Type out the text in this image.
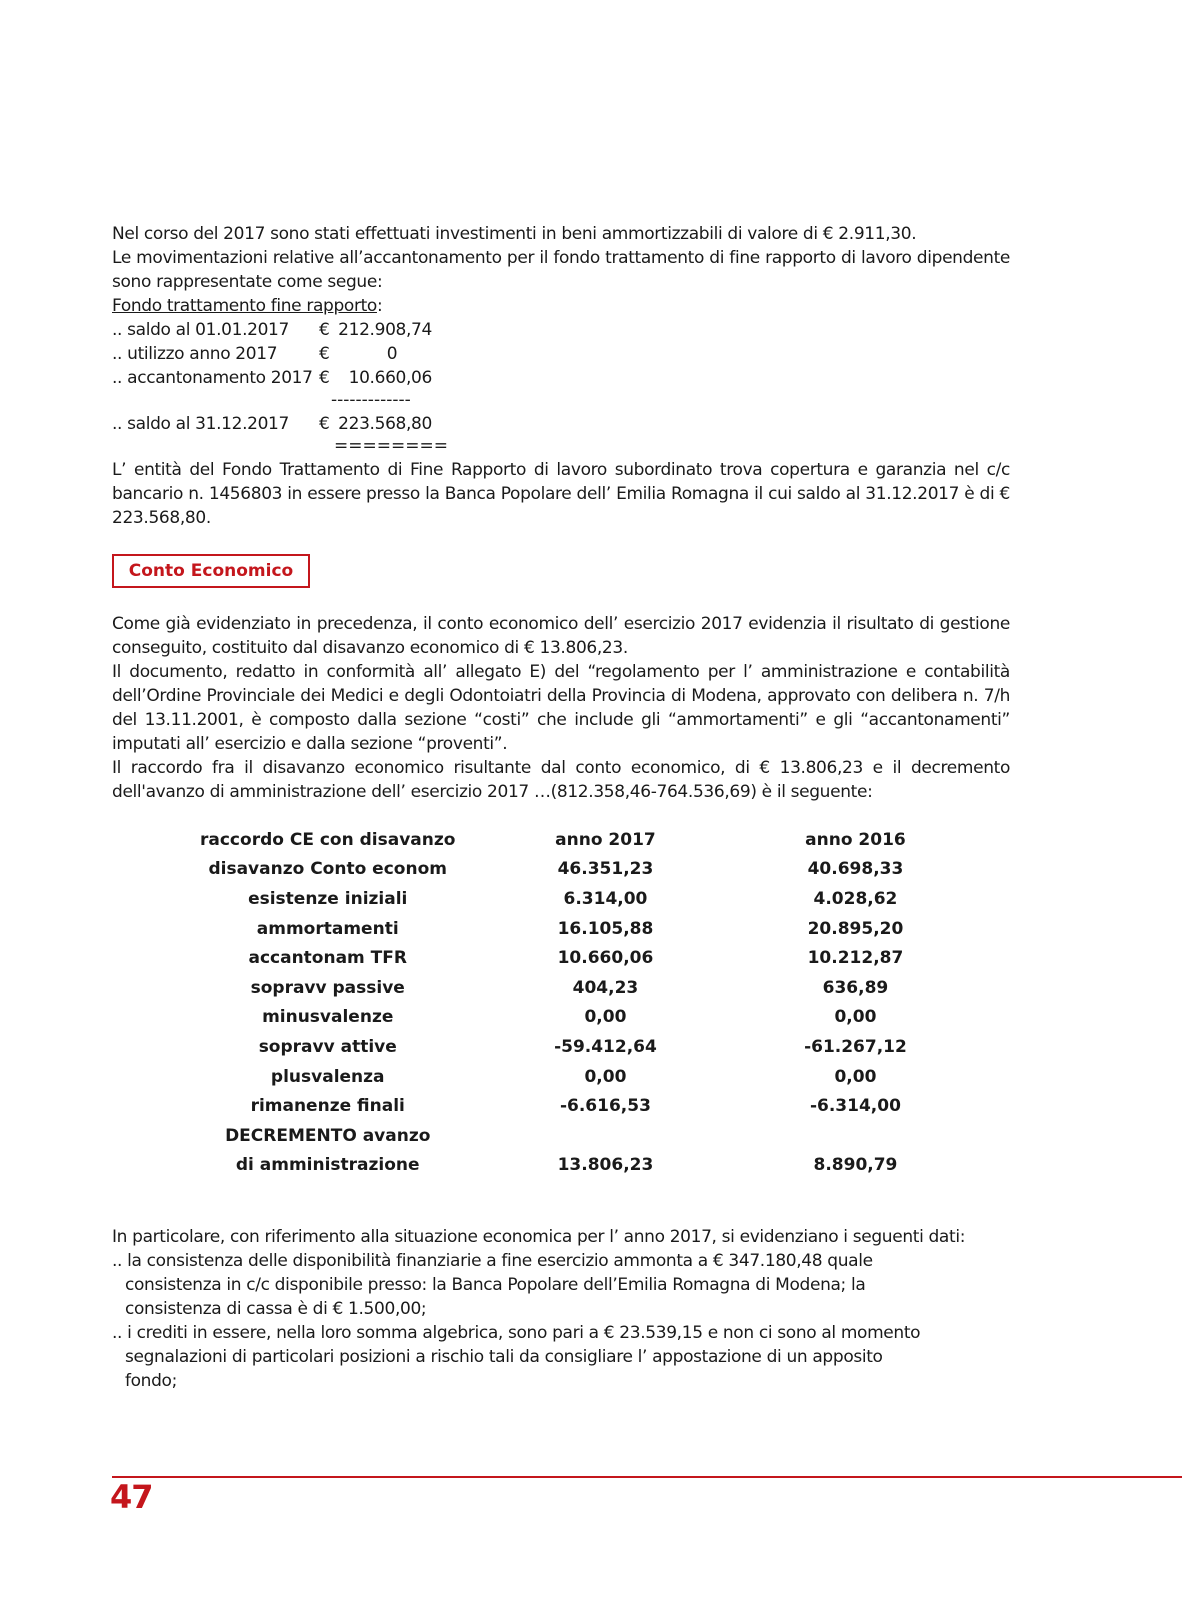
Nel corso del 2017 sono stati effettuati investimenti in beni ammortizzabili di valore di € 2.911,30.

Le movimentazioni relative all’accantonamento per il fondo trattamento di fine rapporto di lavoro dipendente sono rappresentate come segue:

Fondo trattamento fine rapporto:

.. saldo al 01.01.2017 € 212.908,74
.. utilizzo anno 2017 €	0
.. accantonamento 2017 €	10.660,06
-------------
.. saldo al 31.12.2017 € 223.568,80
========

L’ entità del Fondo Trattamento di Fine Rapporto di lavoro subordinato trova copertura e garanzia nel c/c bancario n. 1456803 in essere presso la Banca Popolare dell’ Emilia Romagna il cui saldo al 31.12.2017 è di € 223.568,80.

Conto Economico

Come già evidenziato in precedenza, il conto economico dell’ esercizio 2017 evidenzia il risultato di gestione conseguito, costituito dal disavanzo economico di € 13.806,23.

Il documento, redatto in conformità all’ allegato E) del “regolamento per l’ amministrazione e contabilità dell’Ordine Provinciale dei Medici e degli Odontoiatri della Provincia di Modena, approvato con delibera n. 7/h del 13.11.2001, è composto dalla sezione “costi” che include gli “ammortamenti” e gli “accantonamenti” imputati all’ esercizio e dalla sezione “proventi”.

Il raccordo fra il disavanzo economico risultante dal conto economico, di € 13.806,23 e il decremento dell'avanzo di amministrazione dell’ esercizio 2017 …(812.358,46-764.536,69) è il seguente:

raccordo CE con disavanzo	anno 2017	anno 2016
disavanzo Conto econom	46.351,23	40.698,33
esistenze iniziali	6.314,00	4.028,62
ammortamenti	16.105,88	20.895,20
accantonam TFR	10.660,06	10.212,87
sopravv passive	404,23	636,89
minusvalenze	0,00	0,00
sopravv attive	-59.412,64	-61.267,12
plusvalenza	0,00	0,00
rimanenze finali	-6.616,53	-6.314,00
DECREMENTO avanzo		
di amministrazione	13.806,23	8.890,79

In particolare, con riferimento alla situazione economica per l’ anno 2017, si evidenziano i seguenti dati:

.. la consistenza delle disponibilità finanziarie a fine esercizio ammonta a € 347.180,48 quale consistenza in c/c disponibile presso: la Banca Popolare dell’Emilia Romagna di Modena; la consistenza di cassa è di € 1.500,00;

.. i crediti in essere, nella loro somma algebrica, sono pari a € 23.539,15 e non ci sono al momento segnalazioni di particolari posizioni a rischio tali da consigliare l’ appostazione di un apposito fondo;

47
